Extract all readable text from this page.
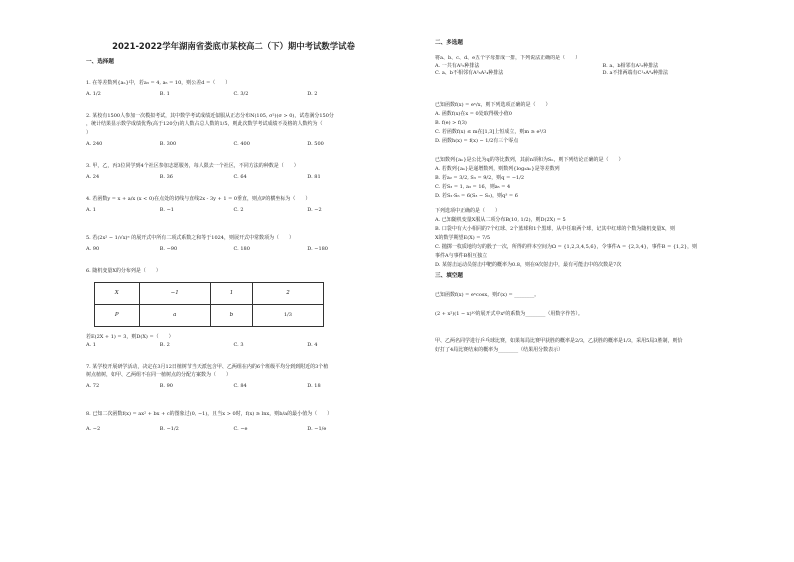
2021-2022学年湖南省娄底市某校高二（下）期中考试数学试卷
一、选择题

1. 在等差数列{aₙ}中，若a₃ = 4, a₅ = 10，则公差d =（　　）

A. 1/2	B. 1	C. 3/2	D. 2

2. 某校有1500人参加一次模拟考试，其中数学考试成绩近似服从正态分布N(105, σ²)(σ > 0)，试卷满分150分

，统计结果显示数学成绩优秀(高于120分)的人数占总人数的1/5，则此次数学考试成绩不及格的人数约为（

）

A. 240	B. 300	C. 400	D. 500

3. 甲，乙，丙3位同学到4个社区参加志愿服务，每人限去一个社区，不同方法的种数是（　　）

A. 24	B. 36	C. 64	D. 81

4. 若函数y = x + a/x (x < 0)在点处的切线与直线2x - 3y + 1 = 0垂直，则点P的横坐标为（　　）

A. 1	B. −1	C. 2	D. −2

5. 若(2x² − 1/√x)ⁿ 的展开式中所有二项式系数之和等于1024，则展开式中常数项为（　　）

A. 90	B. −90	C. 180	D. −180

6. 随机变量X的分布列是（　　）

X	−1	1	2
P	a	b	1/3

若E(2X + 1) = 3，则D(X) =（　　）

A. 1	B. 2	C. 3	D. 4

7. 某学校开展研学活动，决定在3月12日植树节当天派包含甲、乙两组在内的6个班级平均分到到附近的3个植

树点植树，如甲、乙两组不在同一植树点的分配方案数为（　　）

A. 72	B. 90	C. 84	D. 18

8. 已知二次函数f(x) = ax² + bx + c的图象过(0, −1)，且当x > 0时，f(x) ≥ lnx，则b/a的最小值为（　　）

A. −2	B. −1/2	C. −e	D. −1/e
二、多选题

将a、b、c、d、e五个字母排成一排，下列说法正确的是（　　）

A. 一共有A⁵₅种排法	B. a、b相邻有A²₂种排法
C. a、b不相邻有A³₃A²₄种排法	D. a不排两端有C¹₃A⁴₄种排法

已知函数f(x) = eˣ/x，则下列选项正确的是（　　）

A. 函数f(x)在x = 0处取得极小值0

B. f(e) > f(3)

C. 若函数f(x) ≤ m在[1,3]上恒成立，则m ≥ e³/3

D. 函数h(x) = f(x) − 1/2有三个零点

已知数列{aₙ}是公比为q的等比数列，其前n项和为Sₙ，则下列结论正确的是（　　）

A. 若数列{aₙ}是递增数列，则数列{log₂aₙ}是等差数列

B. 若a₂ = 3/2, S₃ = 9/2，则q = −1/2

C. 若S₃ = 1, a₃ = 16，则a₅ = 4

D. 若S₂·S₆ = 6(S₃ − S₂)，则q³ = 6

下列选项中正确的是（　　）

A. 已知随机变量X服从二项分布B(10, 1/2)，则D(2X) = 5

B. 口袋中有大小相同的7个红球、2个蓝球和1个黑球，从中任取两个球，记其中红球的个数为随机变量X，则

X的数学期望E(X) = 7/5

C. 抛掷一枚质地均匀的骰子一次，所得的样本空间为Ω = {1,2,3,4,5,6}，令事件A = {2,3,4}，事件B = {1,2}，则

事件A与事件B相互独立

D. 某射击运动员射击中靶的概率为0.8，则在9次射击中，最有可能击中的次数是7次

三、填空题

已知函数f(x) = eˣcosx，则f′(x) = ________。

(2 + x²)(1 − x)¹⁰的展开式中x⁶的系数为________（用数字作答）。

甲、乙两名同学进行乒乓球比赛，如果每局比赛甲获胜的概率是2/3，乙获胜的概率是1/3，采用5局3胜制，则恰

好打了4局比赛结束的概率为________（结果用分数表示）
